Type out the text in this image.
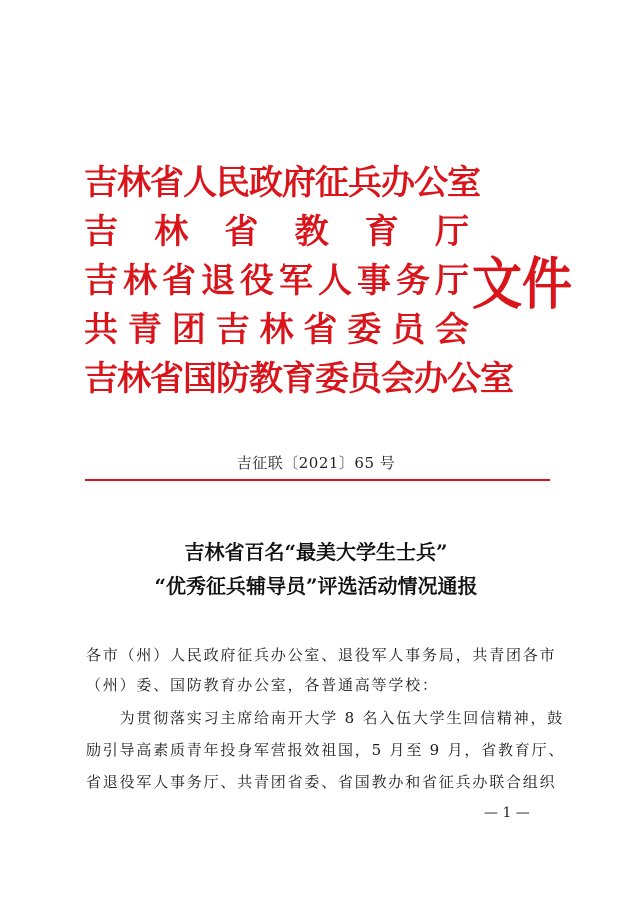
吉林省人民政府征兵办公室
吉林省教育厅
吉林省退役军人事务厅
共青团吉林省委员会
吉林省国防教育委员会办公室
文件
吉征联〔2021〕65 号
吉林省百名“最美大学生士兵”
“优秀征兵辅导员”评选活动情况通报
各市（州）人民政府征兵办公室、退役军人事务局，共青团各市
（州）委、国防教育办公室，各普通高等学校：
　　为贯彻落实习主席给南开大学 8 名入伍大学生回信精神，鼓
励引导高素质青年投身军营报效祖国，5 月至 9 月，省教育厅、
省退役军人事务厅、共青团省委、省国教办和省征兵办联合组织
— 1 —
